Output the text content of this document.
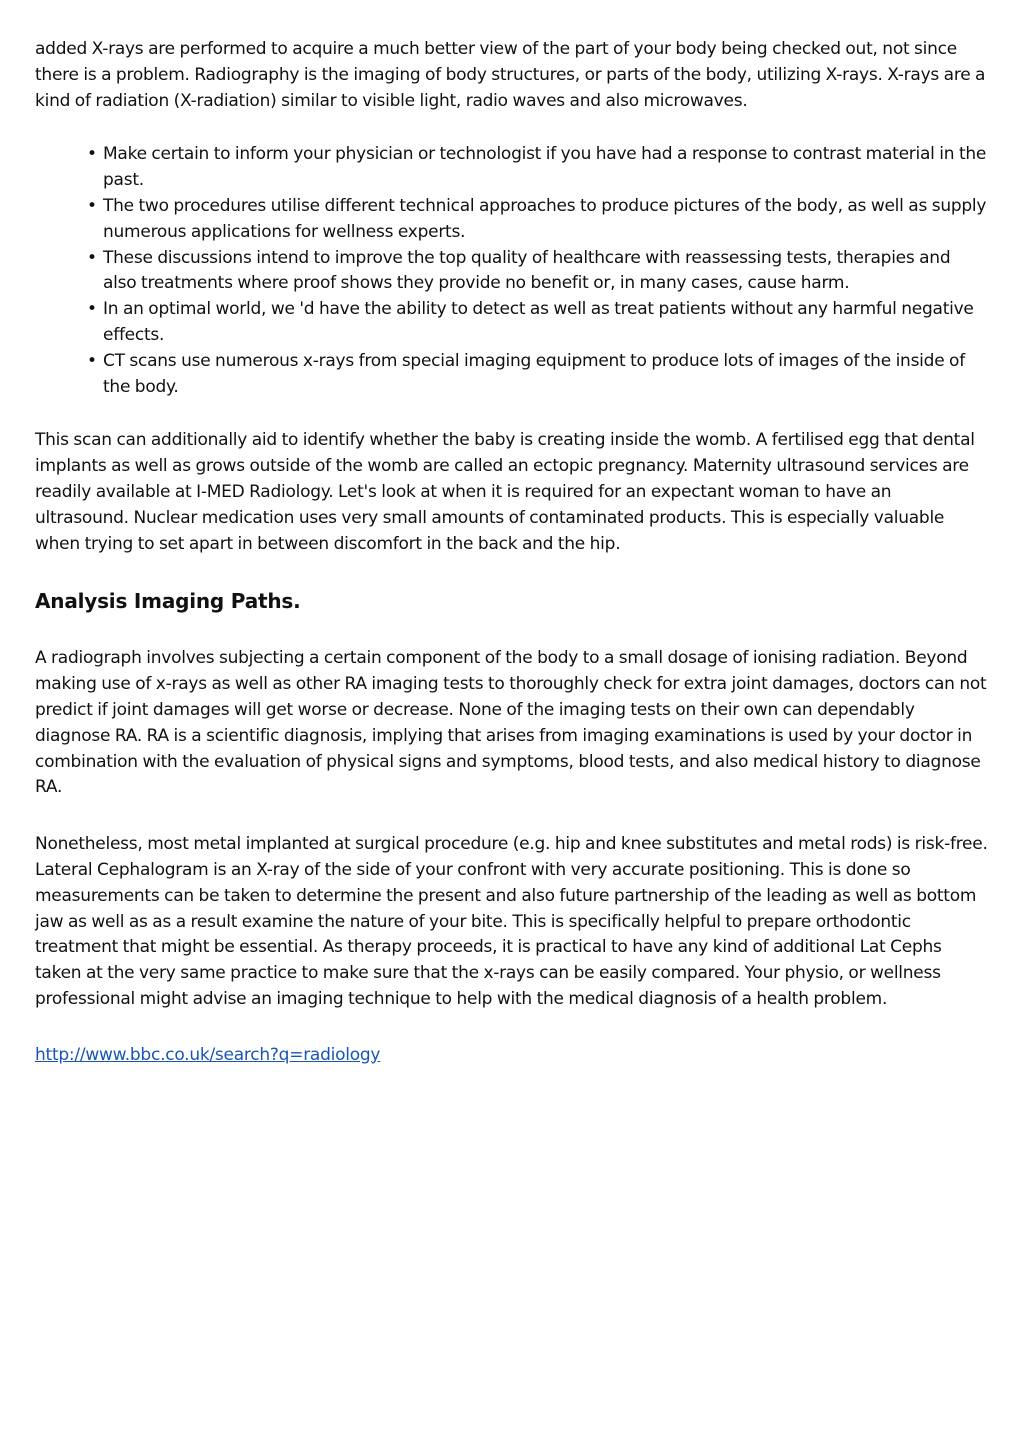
added X-rays are performed to acquire a much better view of the part of your body being checked out, not since there is a problem. Radiography is the imaging of body structures, or parts of the body, utilizing X-rays. X-rays are a kind of radiation (X-radiation) similar to visible light, radio waves and also microwaves.

• Make certain to inform your physician or technologist if you have had a response to contrast material in the past.
• The two procedures utilise different technical approaches to produce pictures of the body, as well as supply numerous applications for wellness experts.
• These discussions intend to improve the top quality of healthcare with reassessing tests, therapies and also treatments where proof shows they provide no benefit or, in many cases, cause harm.
• In an optimal world, we 'd have the ability to detect as well as treat patients without any harmful negative effects.
• CT scans use numerous x-rays from special imaging equipment to produce lots of images of the inside of the body.

This scan can additionally aid to identify whether the baby is creating inside the womb. A fertilised egg that dental implants as well as grows outside of the womb are called an ectopic pregnancy. Maternity ultrasound services are readily available at I-MED Radiology. Let's look at when it is required for an expectant woman to have an ultrasound. Nuclear medication uses very small amounts of contaminated products. This is especially valuable when trying to set apart in between discomfort in the back and the hip.

Analysis Imaging Paths.

A radiograph involves subjecting a certain component of the body to a small dosage of ionising radiation. Beyond making use of x-rays as well as other RA imaging tests to thoroughly check for extra joint damages, doctors can not predict if joint damages will get worse or decrease. None of the imaging tests on their own can dependably diagnose RA. RA is a scientific diagnosis, implying that arises from imaging examinations is used by your doctor in combination with the evaluation of physical signs and symptoms, blood tests, and also medical history to diagnose RA.

Nonetheless, most metal implanted at surgical procedure (e.g. hip and knee substitutes and metal rods) is risk-free. Lateral Cephalogram is an X-ray of the side of your confront with very accurate positioning. This is done so measurements can be taken to determine the present and also future partnership of the leading as well as bottom jaw as well as as a result examine the nature of your bite. This is specifically helpful to prepare orthodontic treatment that might be essential. As therapy proceeds, it is practical to have any kind of additional Lat Cephs taken at the very same practice to make sure that the x-rays can be easily compared. Your physio, or wellness professional might advise an imaging technique to help with the medical diagnosis of a health problem.

http://www.bbc.co.uk/search?q=radiology
